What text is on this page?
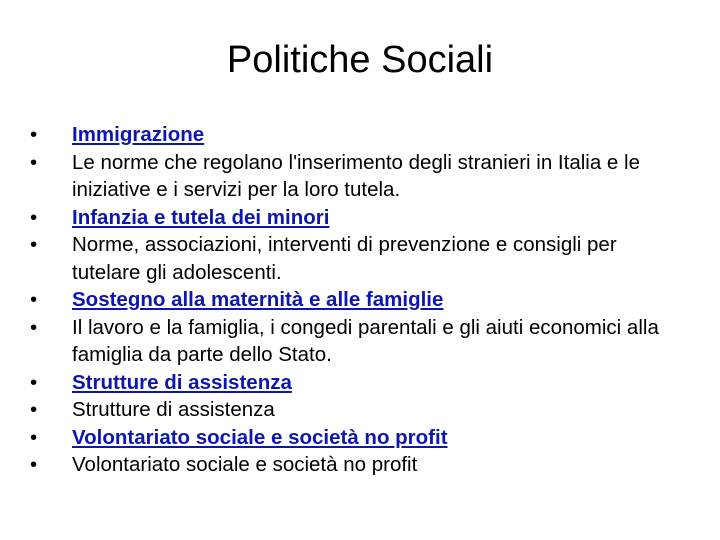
Politiche Sociali
•	Immigrazione
•	Le norme che regolano l'inserimento degli stranieri in Italia e le iniziative e i servizi per la loro tutela.
•	Infanzia e tutela dei minori
•	Norme, associazioni, interventi di prevenzione e consigli per tutelare gli adolescenti.
•	Sostegno alla maternità e alle famiglie
•	Il lavoro e la famiglia, i congedi parentali e gli aiuti economici alla famiglia da parte dello Stato.
•	Strutture di assistenza
•	Strutture di assistenza
•	Volontariato sociale e società no profit
•	Volontariato sociale e società no profit
